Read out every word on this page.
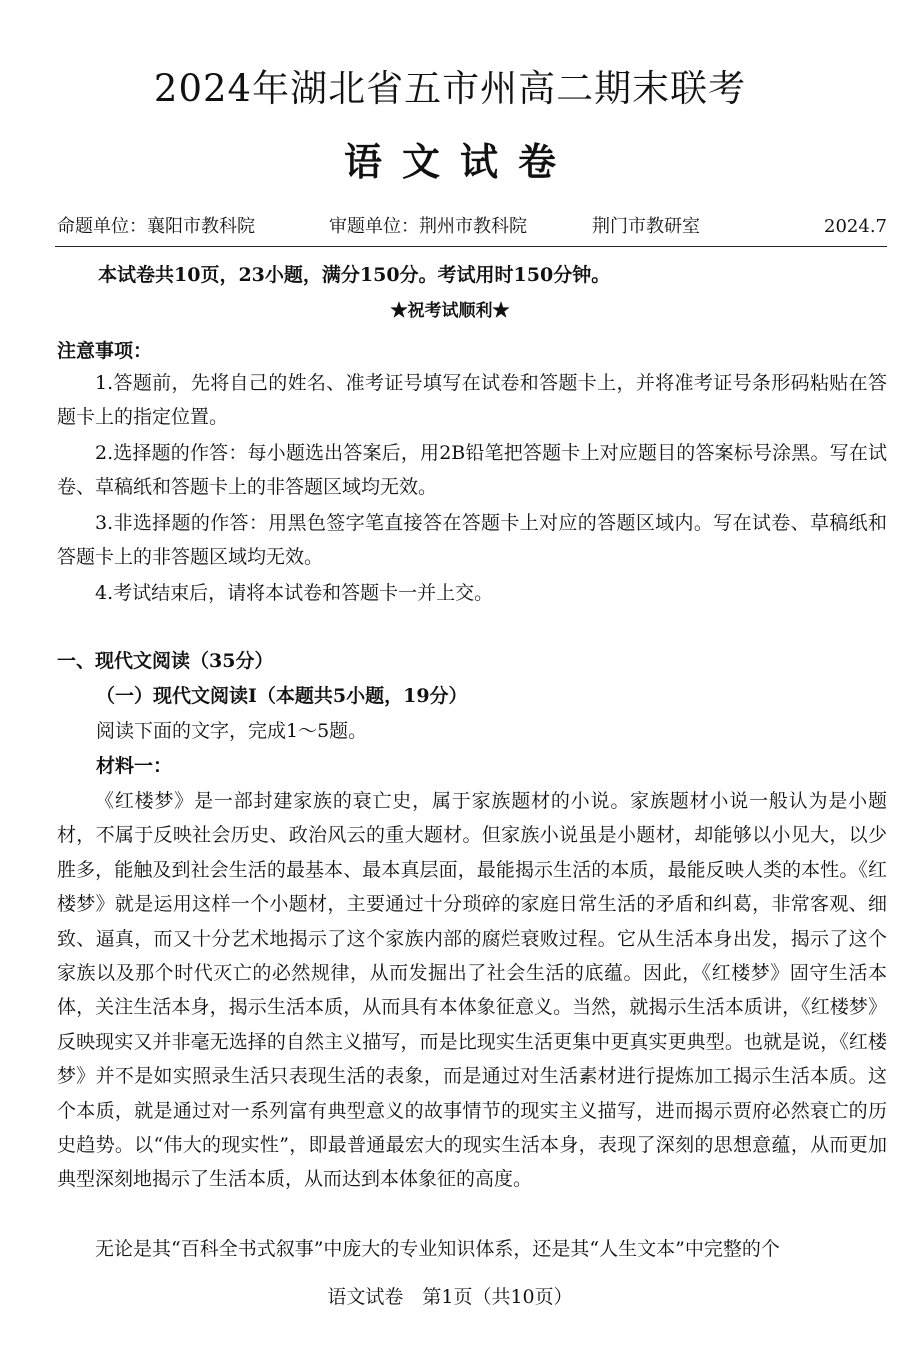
2024年湖北省五市州高二期末联考
语文试卷
命题单位：襄阳市教科院	审题单位：荆州市教科院	荆门市教研室	2024.7
本试卷共10页，23小题，满分150分。考试用时150分钟。
★祝考试顺利★
注意事项：

1.答题前，先将自己的姓名、准考证号填写在试卷和答题卡上，并将准考证号条形码粘贴在答题卡上的指定位置。

2.选择题的作答：每小题选出答案后，用2B铅笔把答题卡上对应题目的答案标号涂黑。写在试卷、草稿纸和答题卡上的非答题区域均无效。

3.非选择题的作答：用黑色签字笔直接答在答题卡上对应的答题区域内。写在试卷、草稿纸和答题卡上的非答题区域均无效。

4.考试结束后，请将本试卷和答题卡一并上交。

一、现代文阅读（35分）
（一）现代文阅读Ⅰ（本题共5小题，19分）
阅读下面的文字，完成1～5题。
材料一：

《红楼梦》是一部封建家族的衰亡史，属于家族题材的小说。家族题材小说一般认为是小题材，不属于反映社会历史、政治风云的重大题材。但家族小说虽是小题材，却能够以小见大，以少胜多，能触及到社会生活的最基本、最本真层面，最能揭示生活的本质，最能反映人类的本性。《红楼梦》就是运用这样一个小题材，主要通过十分琐碎的家庭日常生活的矛盾和纠葛，非常客观、细致、逼真，而又十分艺术地揭示了这个家族内部的腐烂衰败过程。它从生活本身出发，揭示了这个家族以及那个时代灭亡的必然规律，从而发掘出了社会生活的底蕴。因此，《红楼梦》固守生活本体，关注生活本身，揭示生活本质，从而具有本体象征意义。当然，就揭示生活本质讲，《红楼梦》反映现实又并非毫无选择的自然主义描写，而是比现实生活更集中更真实更典型。也就是说，《红楼梦》并不是如实照录生活只表现生活的表象，而是通过对生活素材进行提炼加工揭示生活本质。这个本质，就是通过对一系列富有典型意义的故事情节的现实主义描写，进而揭示贾府必然衰亡的历史趋势。以“伟大的现实性”，即最普通最宏大的现实生活本身，表现了深刻的思想意蕴，从而更加典型深刻地揭示了生活本质，从而达到本体象征的高度。

无论是其“百科全书式叙事”中庞大的专业知识体系，还是其“人生文本”中完整的个

语文试卷　第1页（共10页）
